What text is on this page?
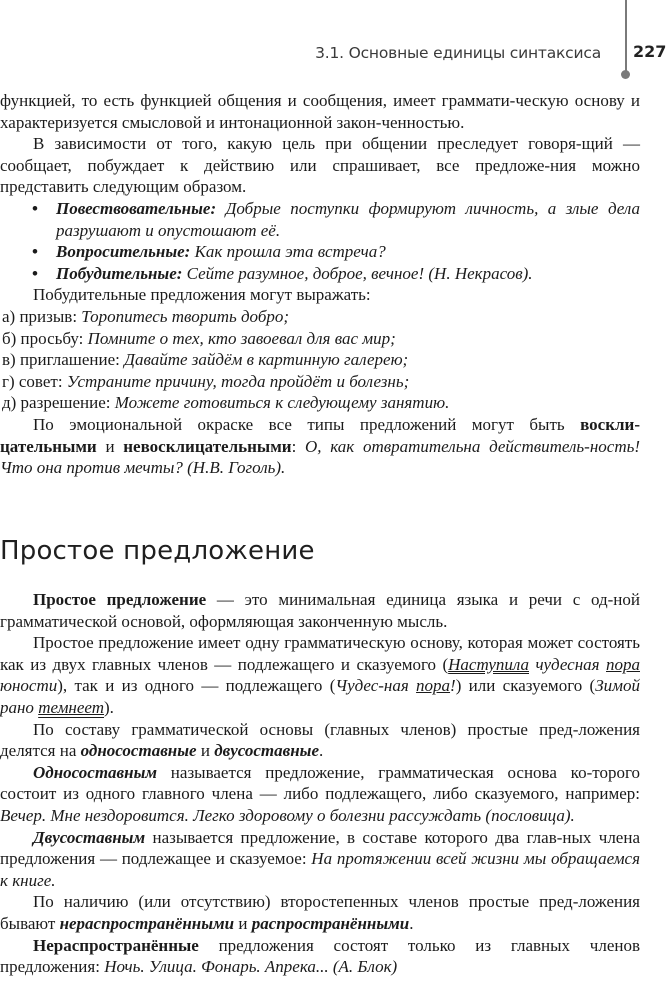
3.1. Основные единицы синтаксиса 227

функцией, то есть функцией общения и сообщения, имеет граммати-ческую основу и характеризуется смысловой и интонационной закон-ченностью.

В зависимости от того, какую цель при общении преследует говоря-щий — сообщает, побуждает к действию или спрашивает, все предложе-ния можно представить следующим образом.

• Повествовательные: Добрые поступки формируют личность, а злые дела разрушают и опустошают её.

• Вопросительные: Как прошла эта встреча?

• Побудительные: Сейте разумное, доброе, вечное! (Н. Некрасов).

Побудительные предложения могут выражать:

а) призыв: Торопитесь творить добро;

б) просьбу: Помните о тех, кто завоевал для вас мир;

в) приглашение: Давайте зайдём в картинную галерею;

г) совет: Устраните причину, тогда пройдёт и болезнь;

д) разрешение: Можете готовиться к следующему занятию.

По эмоциональной окраске все типы предложений могут быть воскли-цательными и невосклицательными: О, как отвратительна действитель-ность! Что она против мечты? (Н.В. Гоголь).

Простое предложение

Простое предложение — это минимальная единица языка и речи с од-ной грамматической основой, оформляющая законченную мысль.

Простое предложение имеет одну грамматическую основу, которая может состоять как из двух главных членов — подлежащего и сказуемого (Наступила чудесная пора юности), так и из одного — подлежащего (Чудес-ная пора!) или сказуемого (Зимой рано темнеет).

По составу грамматической основы (главных членов) простые пред-ложения делятся на односоставные и двусоставные.

Односоставным называется предложение, грамматическая основа ко-торого состоит из одного главного члена — либо подлежащего, либо сказуемого, например: Вечер. Мне нездоровится. Легко здоровому о болезни рассуждать (пословица).

Двусоставным называется предложение, в составе которого два глав-ных члена предложения — подлежащее и сказуемое: На протяжении всей жизни мы обращаемся к книге.

По наличию (или отсутствию) второстепенных членов простые пред-ложения бывают нераспространёнными и распространёнными.

Нераспространённые предложения состоят только из главных членов предложения: Ночь. Улица. Фонарь. Апрека... (А. Блок)
